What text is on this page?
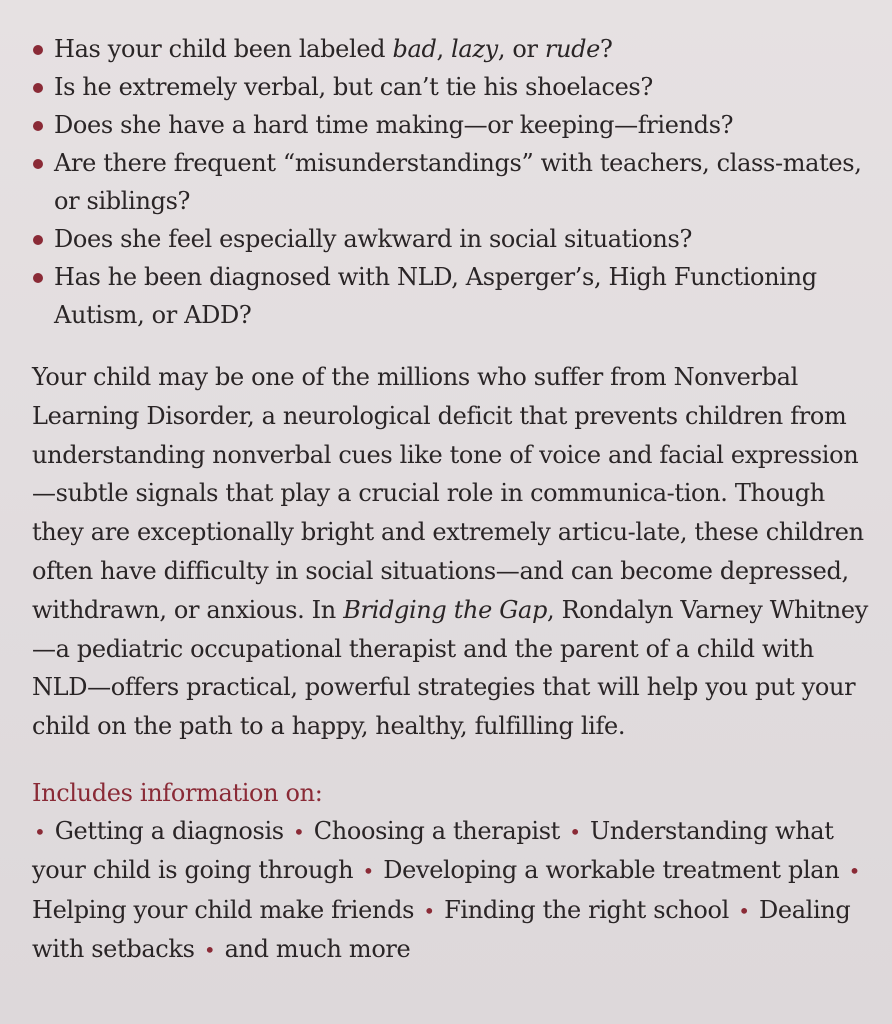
Has your child been labeled bad, lazy, or rude?
Is he extremely verbal, but can’t tie his shoelaces?
Does she have a hard time making—or keeping—friends?
Are there frequent “misunderstandings” with teachers, class-mates, or siblings?
Does she feel especially awkward in social situations?
Has he been diagnosed with NLD, Asperger’s, High Functioning Autism, or ADD?

Your child may be one of the millions who suffer from Nonverbal Learning Disorder, a neurological deficit that prevents children from understanding nonverbal cues like tone of voice and facial expression—subtle signals that play a crucial role in communica-tion. Though they are exceptionally bright and extremely articu-late, these children often have difficulty in social situations—and can become depressed, withdrawn, or anxious. In Bridging the Gap, Rondalyn Varney Whitney—a pediatric occupational therapist and the parent of a child with NLD—offers practical, powerful strategies that will help you put your child on the path to a happy, healthy, fulfilling life.

Includes information on:

• Getting a diagnosis • Choosing a therapist • Understanding what your child is going through • Developing a workable treatment plan • Helping your child make friends • Finding the right school • Dealing with setbacks • and much more
